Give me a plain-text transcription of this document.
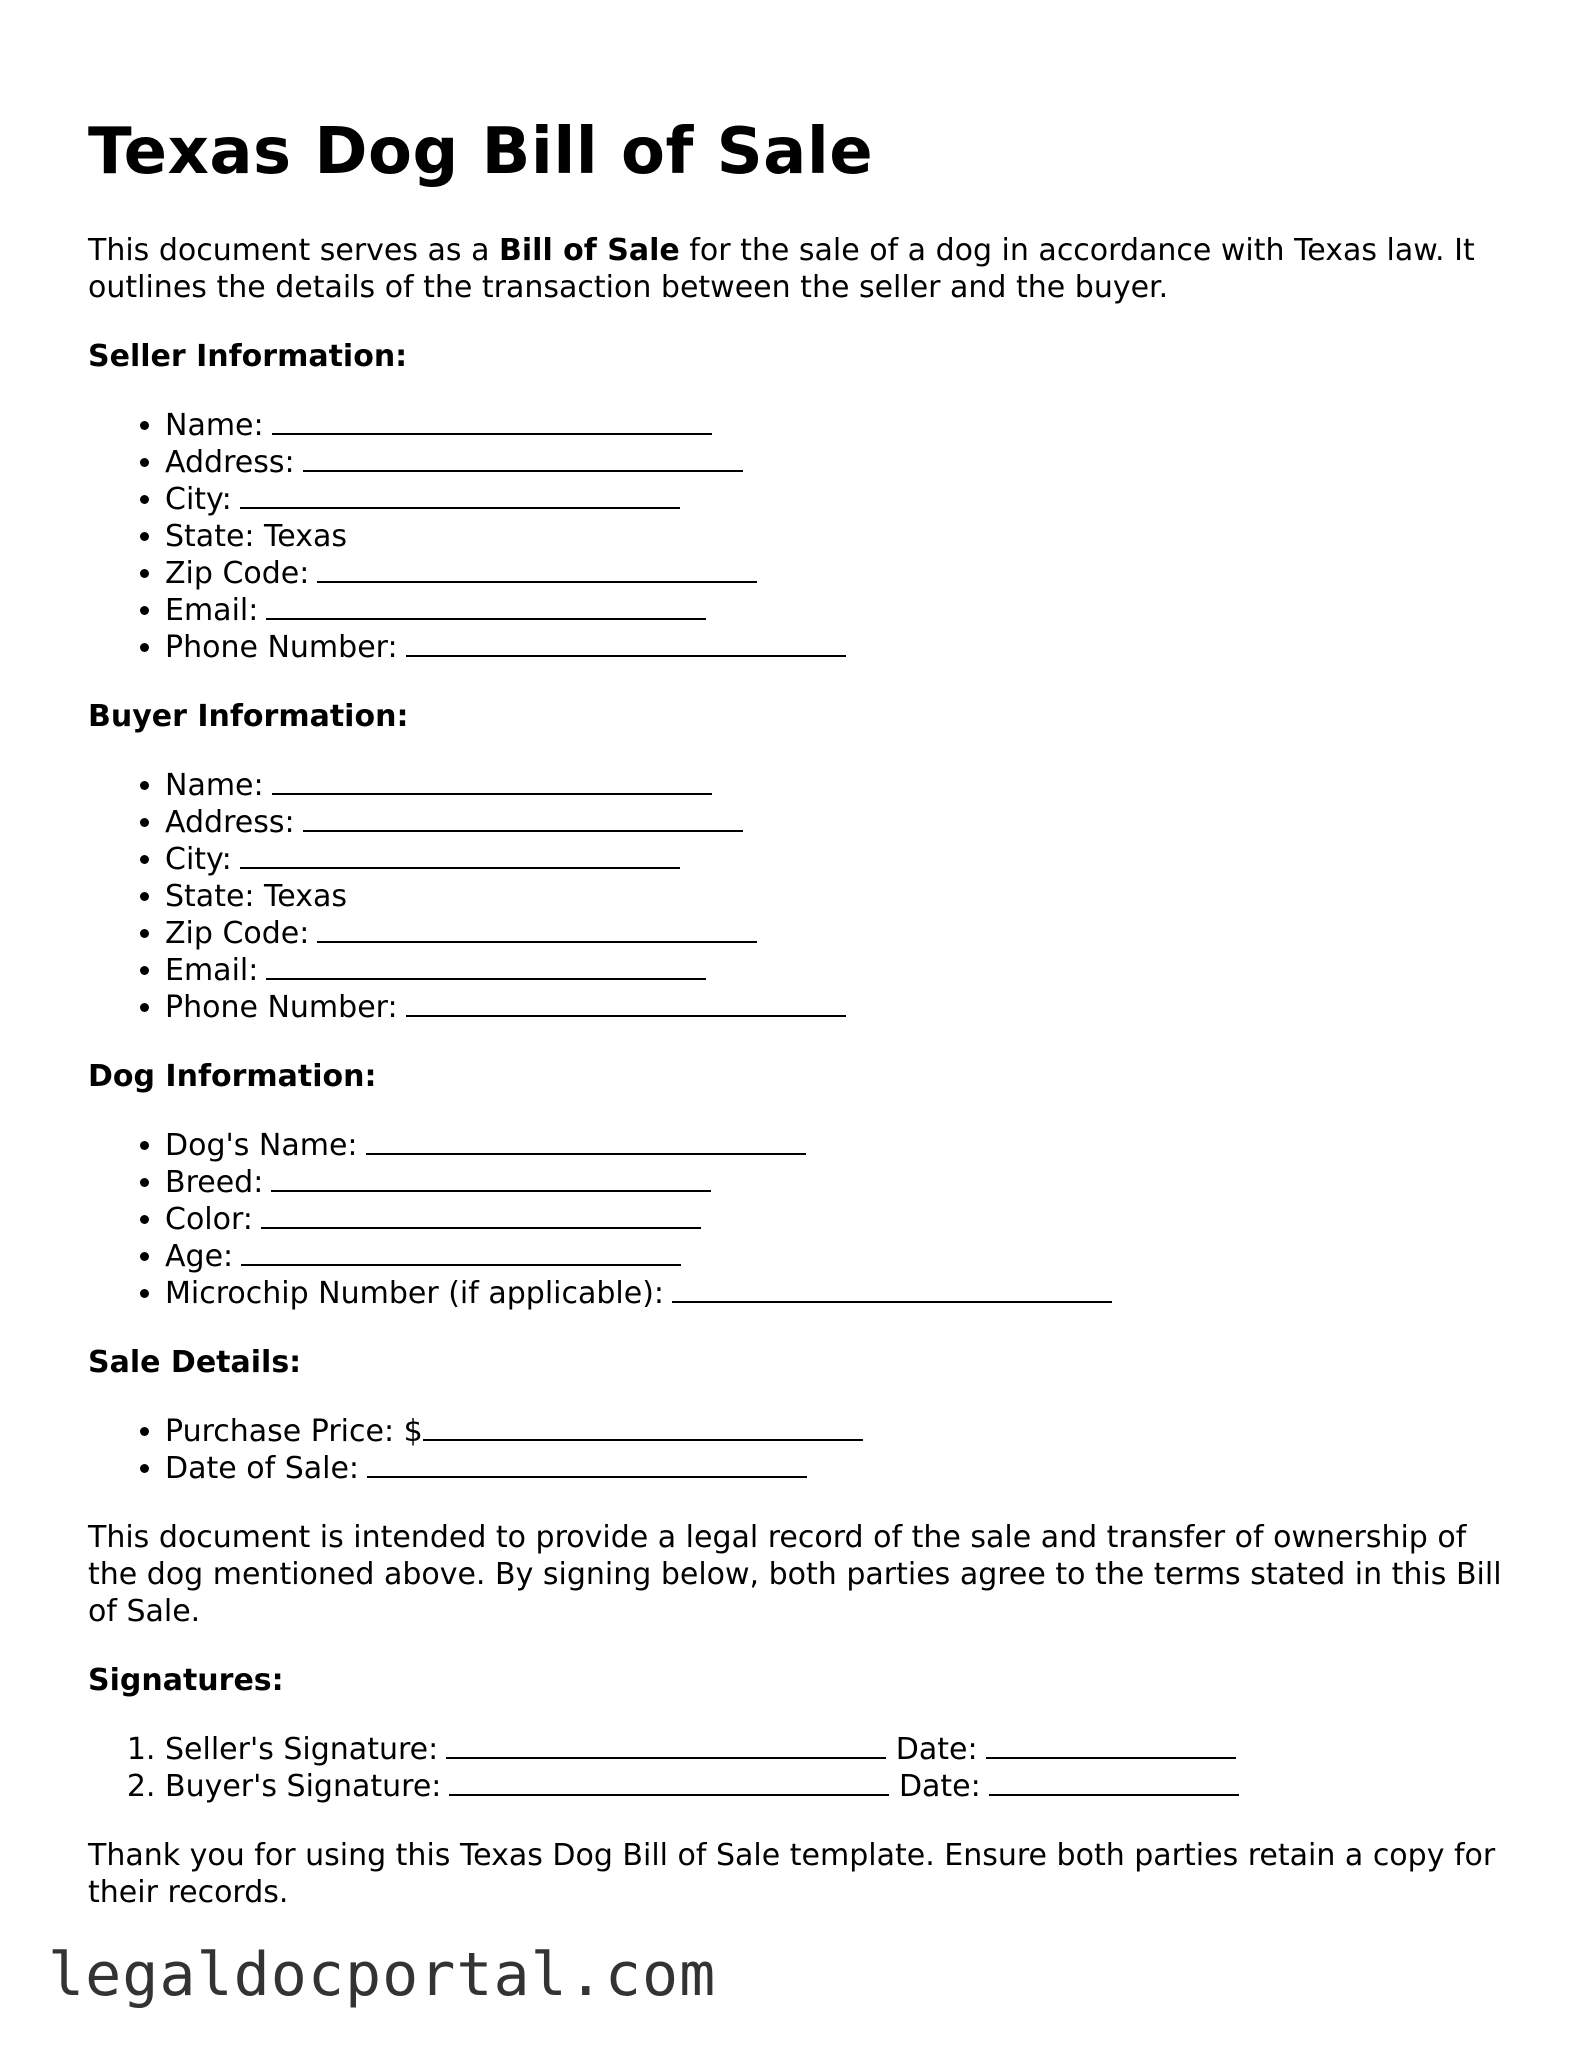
Texas Dog Bill of Sale

This document serves as a Bill of Sale for the sale of a dog in accordance with Texas law. It outlines the details of the transaction between the seller and the buyer.

Seller Information:
• Name:
• Address:
• City:
• State: Texas
• Zip Code:
• Email:
• Phone Number:
Buyer Information:
• Name:
• Address:
• City:
• State: Texas
• Zip Code:
• Email:
• Phone Number:
Dog Information:
• Dog's Name:
• Breed:
• Color:
• Age:
• Microchip Number (if applicable):
Sale Details:
• Purchase Price: $
• Date of Sale:

This document is intended to provide a legal record of the sale and transfer of ownership of the dog mentioned above. By signing below, both parties agree to the terms stated in this Bill of Sale.

Signatures:
1. Seller's Signature:	Date:
2. Buyer's Signature:	Date:

Thank you for using this Texas Dog Bill of Sale template. Ensure both parties retain a copy for their records.

legaldocportal.com
